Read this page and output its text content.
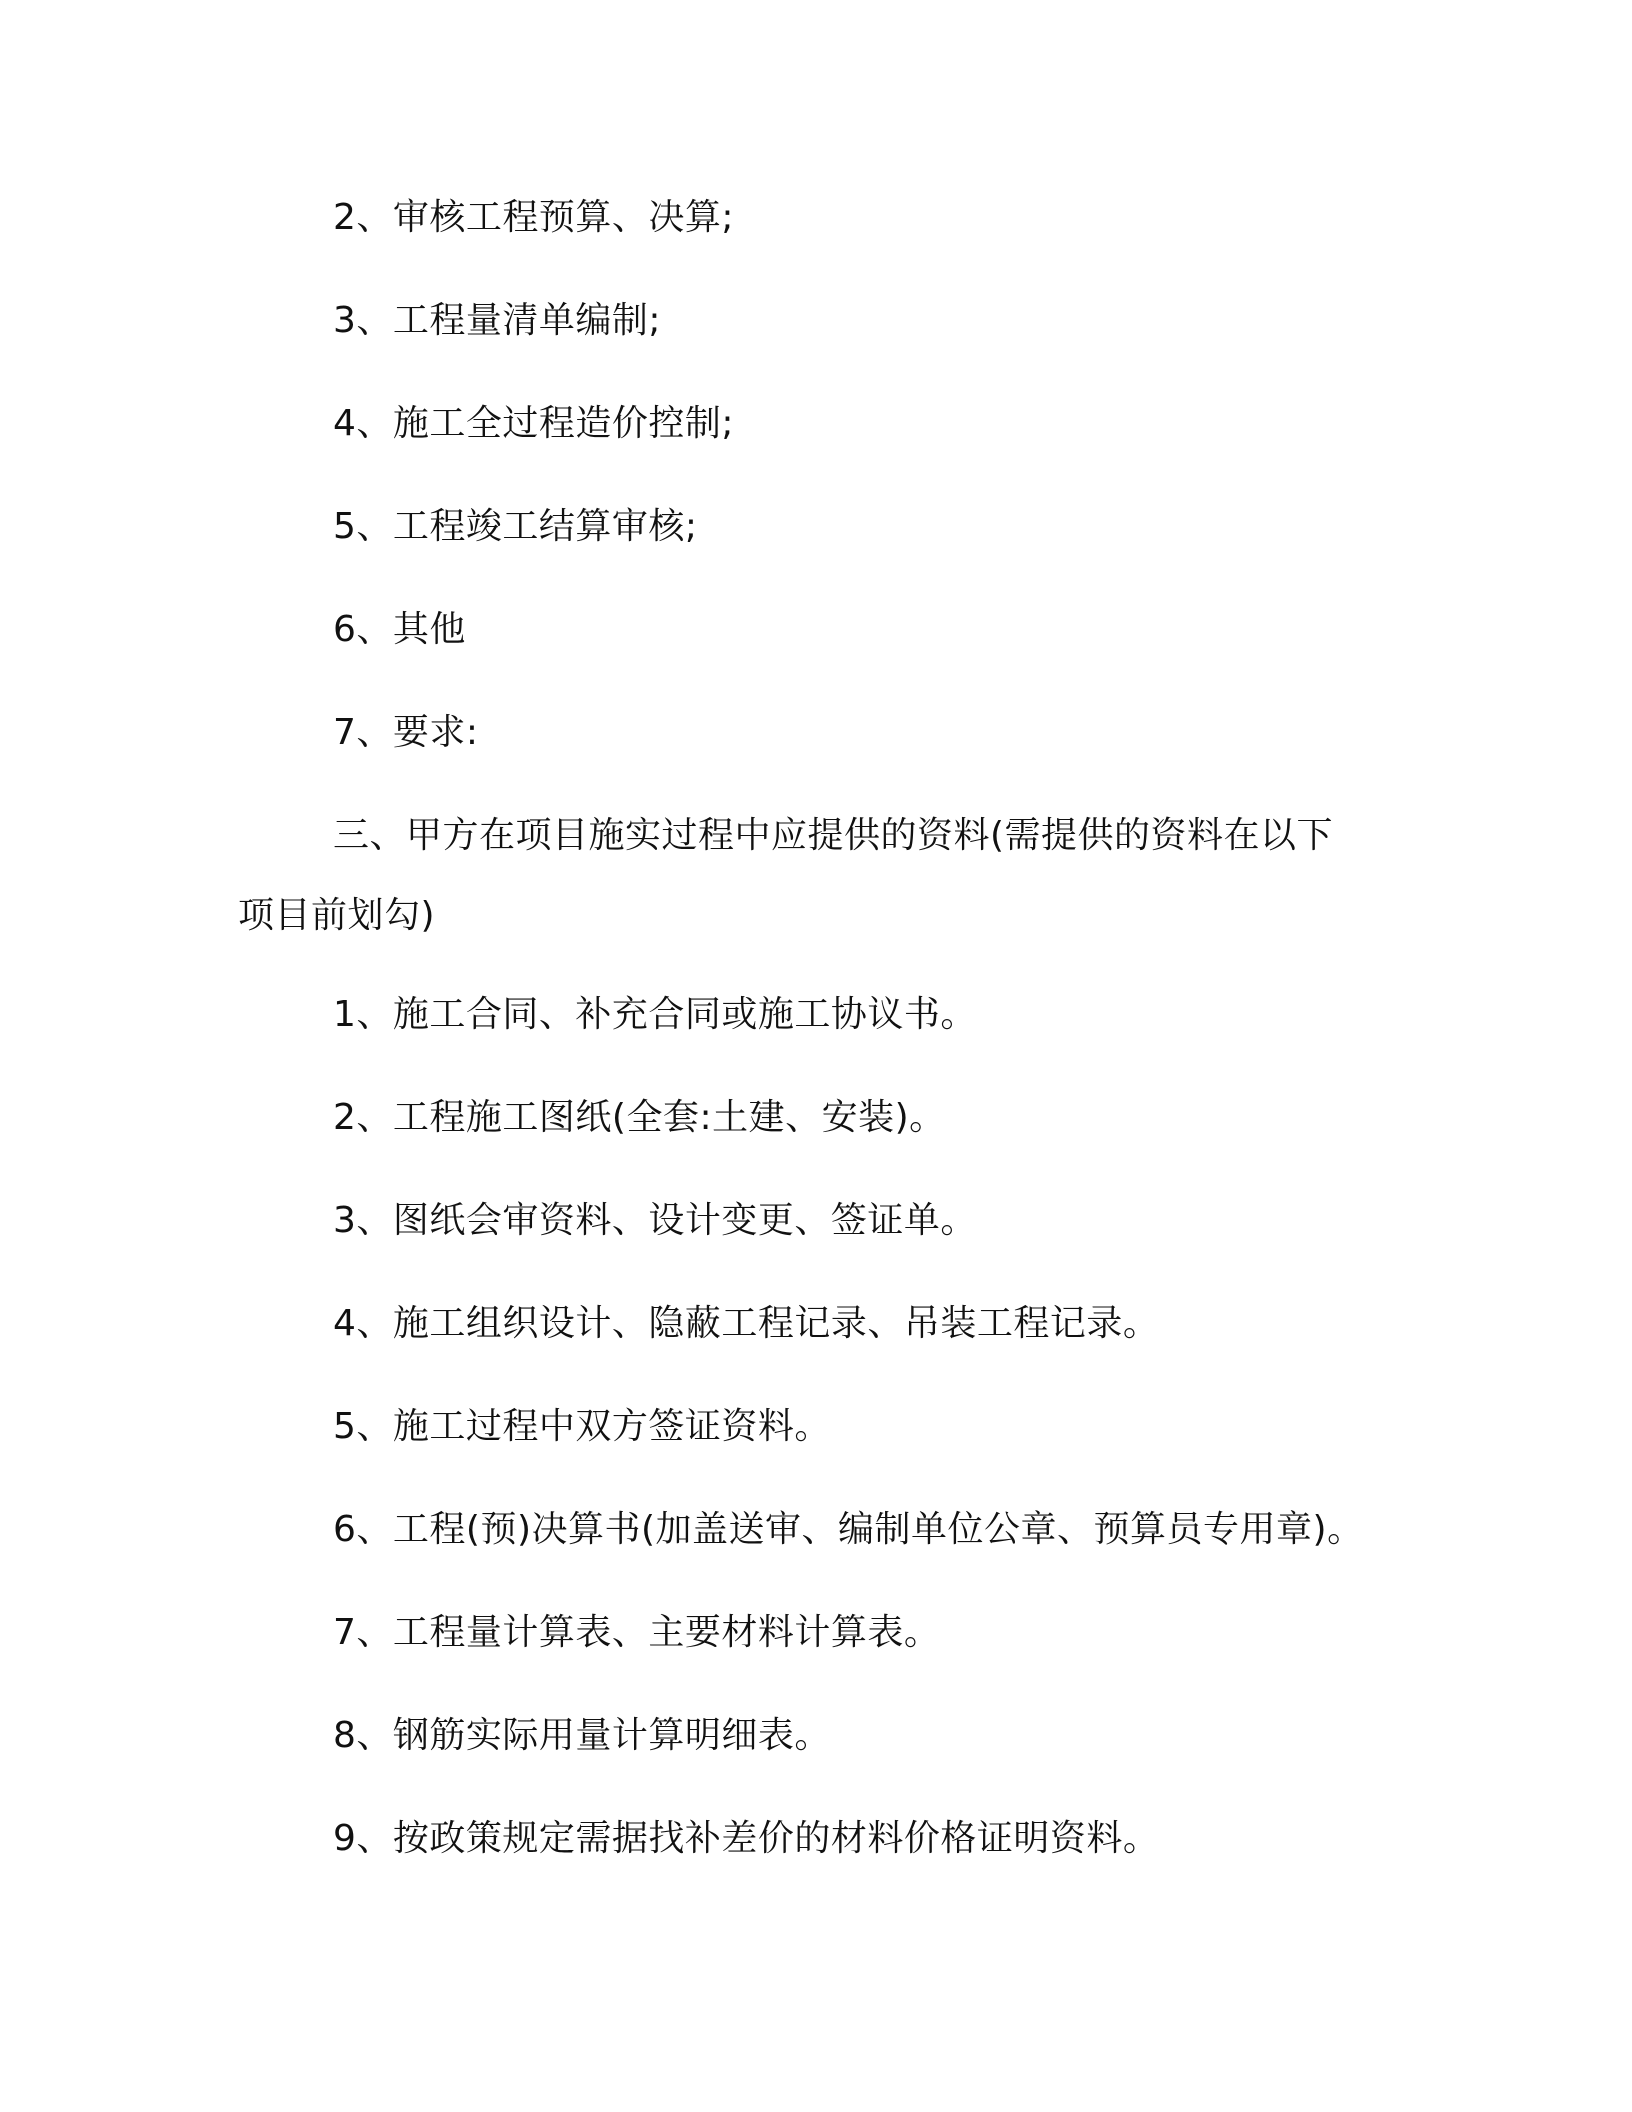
2、审核工程预算、决算;
3、工程量清单编制;
4、施工全过程造价控制;
5、工程竣工结算审核;
6、其他
7、要求:
三、甲方在项目施实过程中应提供的资料(需提供的资料在以下
项目前划勾)
1、施工合同、补充合同或施工协议书。
2、工程施工图纸(全套:土建、安装)。
3、图纸会审资料、设计变更、签证单。
4、施工组织设计、隐蔽工程记录、吊装工程记录。
5、施工过程中双方签证资料。
6、工程(预)决算书(加盖送审、编制单位公章、预算员专用章)。
7、工程量计算表、主要材料计算表。
8、钢筋实际用量计算明细表。
9、按政策规定需据找补差价的材料价格证明资料。
